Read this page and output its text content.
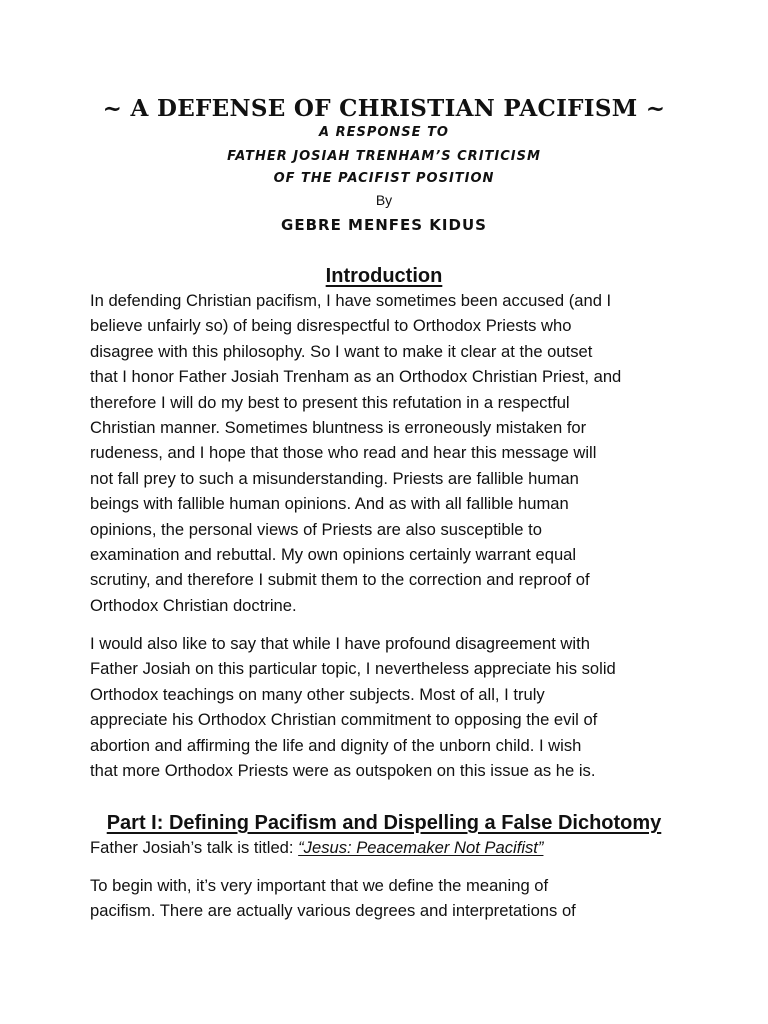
~ A DEFENSE OF CHRISTIAN PACIFISM ~
A RESPONSE TO
FATHER JOSIAH TRENHAM’S CRITICISM
OF THE PACIFIST POSITION
By
GEBRE MENFES KIDUS
Introduction
In defending Christian pacifism, I have sometimes been accused (and I
believe unfairly so) of being disrespectful to Orthodox Priests who
disagree with this philosophy. So I want to make it clear at the outset
that I honor Father Josiah Trenham as an Orthodox Christian Priest, and
therefore I will do my best to present this refutation in a respectful
Christian manner. Sometimes bluntness is erroneously mistaken for
rudeness, and I hope that those who read and hear this message will
not fall prey to such a misunderstanding. Priests are fallible human
beings with fallible human opinions. And as with all fallible human
opinions, the personal views of Priests are also susceptible to
examination and rebuttal. My own opinions certainly warrant equal
scrutiny, and therefore I submit them to the correction and reproof of
Orthodox Christian doctrine.
I would also like to say that while I have profound disagreement with
Father Josiah on this particular topic, I nevertheless appreciate his solid
Orthodox teachings on many other subjects. Most of all, I truly
appreciate his Orthodox Christian commitment to opposing the evil of
abortion and affirming the life and dignity of the unborn child. I wish
that more Orthodox Priests were as outspoken on this issue as he is.
Part I: Defining Pacifism and Dispelling a False Dichotomy
Father Josiah’s talk is titled: “Jesus: Peacemaker Not Pacifist”
To begin with, it’s very important that we define the meaning of
pacifism. There are actually various degrees and interpretations of
